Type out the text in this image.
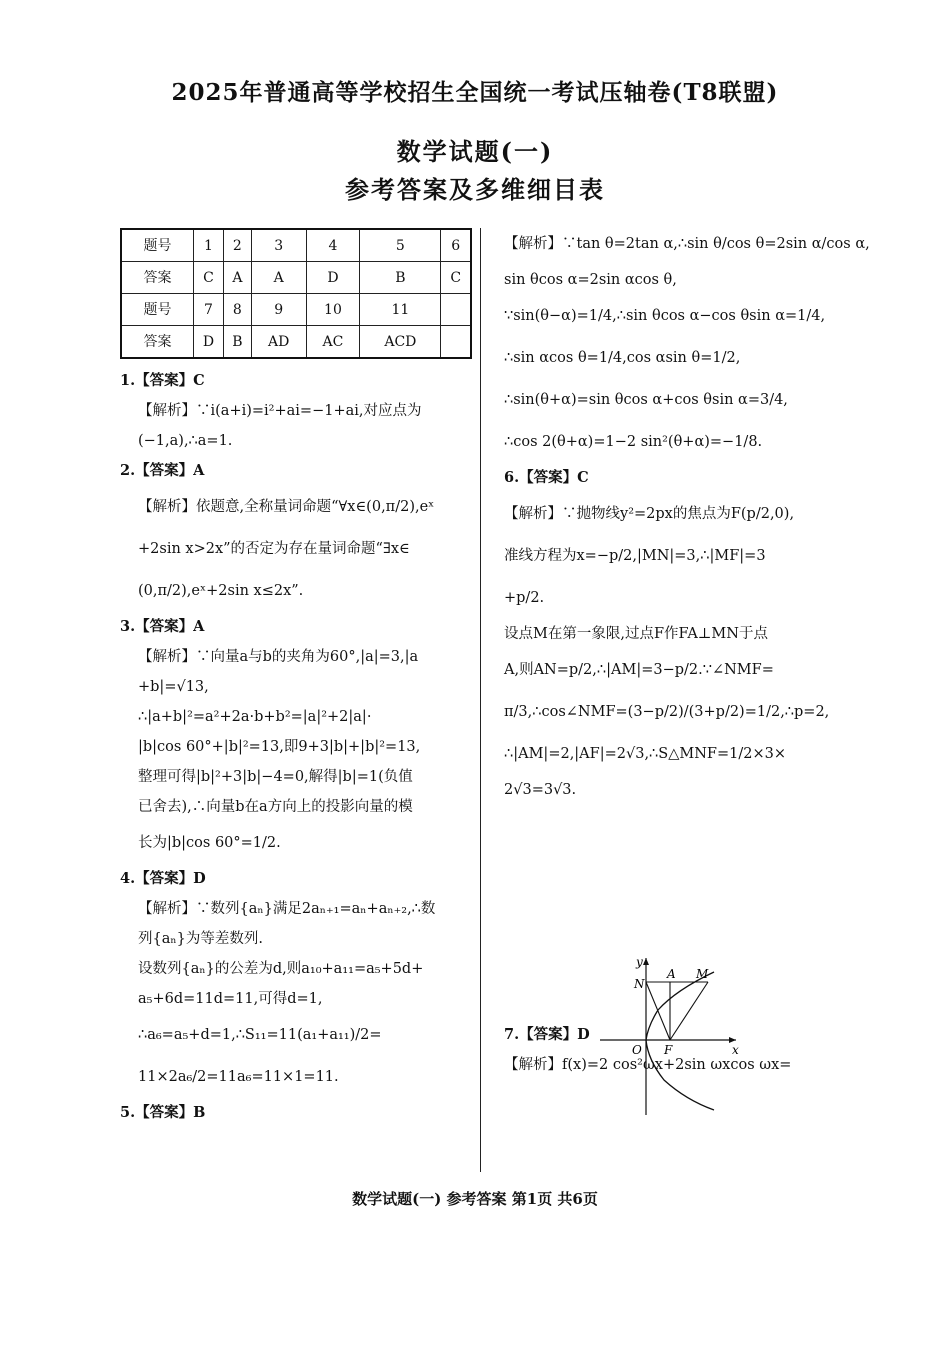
2025年普通高等学校招生全国统一考试压轴卷(T8联盟)
数学试题(一)
参考答案及多维细目表
题号	1	2	3	4	5	6
答案	C	A	A	D	B	C
题号	7	8	9	10	11	
答案	D	B	AD	AC	ACD	
1.【答案】C
【解析】∵i(a+i)=i²+ai=−1+ai,对应点为
(−1,a),∴a=1.
2.【答案】A
【解析】依题意,全称量词命题“∀x∈(0,π/2),eˣ
+2sin x>2x”的否定为存在量词命题“∃x∈
(0,π/2),eˣ+2sin x≤2x”.
3.【答案】A
【解析】∵向量a与b的夹角为60°,|a|=3,|a
+b|=√13,
∴|a+b|²=a²+2a·b+b²=|a|²+2|a|·
|b|cos 60°+|b|²=13,即9+3|b|+|b|²=13,
整理可得|b|²+3|b|−4=0,解得|b|=1(负值
已舍去),∴向量b在a方向上的投影向量的模
长为|b|cos 60°=1/2.
4.【答案】D
【解析】∵数列{aₙ}满足2aₙ₊₁=aₙ+aₙ₊₂,∴数
列{aₙ}为等差数列.
设数列{aₙ}的公差为d,则a₁₀+a₁₁=a₅+5d+
a₅+6d=11d=11,可得d=1,
∴a₆=a₅+d=1,∴S₁₁=11(a₁+a₁₁)/2=
11×2a₆/2=11a₆=11×1=11.
5.【答案】B
【解析】∵tan θ=2tan α,∴sin θ/cos θ=2sin α/cos α,
sin θcos α=2sin αcos θ,
∵sin(θ−α)=1/4,∴sin θcos α−cos θsin α=1/4,
∴sin αcos θ=1/4,cos αsin θ=1/2,
∴sin(θ+α)=sin θcos α+cos θsin α=3/4,
∴cos 2(θ+α)=1−2 sin²(θ+α)=−1/8.
6.【答案】C
【解析】∵抛物线y²=2px的焦点为F(p/2,0),
准线方程为x=−p/2,|MN|=3,∴|MF|=3
+p/2.
设点M在第一象限,过点F作FA⊥MN于点
A,则AN=p/2,∴|AM|=3−p/2.∵∠NMF=
π/3,∴cos∠NMF=(3−p/2)/(3+p/2)=1/2,∴p=2,
∴|AM|=2,|AF|=2√3,∴S△MNF=1/2×3×
2√3=3√3.
7.【答案】D
【解析】f(x)=2 cos²ωx+2sin ωxcos ωx=
y
x
O F
N
A M
数学试题(一) 参考答案 第1页 共6页
